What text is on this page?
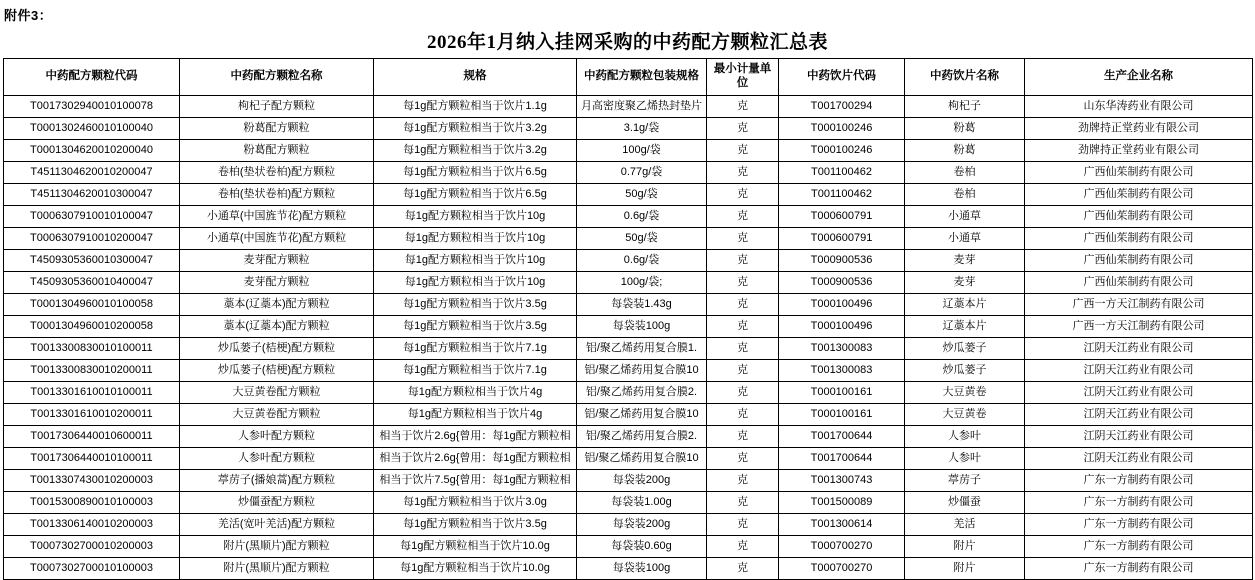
附件3：
2026年1月纳入挂网采购的中药配方颗粒汇总表
中药配方颗粒代码	中药配方颗粒名称	规格	中药配方颗粒包装规格	最小计量单位	中药饮片代码	中药饮片名称	生产企业名称
T0017302940010100078	枸杞子配方颗粒	每1g配方颗粒相当于饮片1.1g	月高密度聚乙烯热封垫片	克	T001700294	枸杞子	山东华涛药业有限公司
T0001302460010100040	粉葛配方颗粒	每1g配方颗粒相当于饮片3.2g	3.1g/袋	克	T000100246	粉葛	劲牌持正堂药业有限公司
T0001304620010200040	粉葛配方颗粒	每1g配方颗粒相当于饮片3.2g	100g/袋	克	T000100246	粉葛	劲牌持正堂药业有限公司
T4511304620010200047	卷柏(垫状卷柏)配方颗粒	每1g配方颗粒相当于饮片6.5g	0.77g/袋	克	T001100462	卷柏	广西仙茱制药有限公司
T4511304620010300047	卷柏(垫状卷柏)配方颗粒	每1g配方颗粒相当于饮片6.5g	50g/袋	克	T001100462	卷柏	广西仙茱制药有限公司
T0006307910010100047	小通草(中国旌节花)配方颗粒	每1g配方颗粒相当于饮片10g	0.6g/袋	克	T000600791	小通草	广西仙茱制药有限公司
T0006307910010200047	小通草(中国旌节花)配方颗粒	每1g配方颗粒相当于饮片10g	50g/袋	克	T000600791	小通草	广西仙茱制药有限公司
T4509305360010300047	麦芽配方颗粒	每1g配方颗粒相当于饮片10g	0.6g/袋	克	T000900536	麦芽	广西仙茱制药有限公司
T4509305360010400047	麦芽配方颗粒	每1g配方颗粒相当于饮片10g	100g/袋;	克	T000900536	麦芽	广西仙茱制药有限公司
T0001304960010100058	藁本(辽藁本)配方颗粒	每1g配方颗粒相当于饮片3.5g	每袋装1.43g	克	T000100496	辽藁本片	广西一方天江制药有限公司
T0001304960010200058	藁本(辽藁本)配方颗粒	每1g配方颗粒相当于饮片3.5g	每袋装100g	克	T000100496	辽藁本片	广西一方天江制药有限公司
T0013300830010100011	炒瓜蒌子(桔梗)配方颗粒	每1g配方颗粒相当于饮片7.1g	铝/聚乙烯药用复合膜1.	克	T001300083	炒瓜蒌子	江阴天江药业有限公司
T0013300830010200011	炒瓜蒌子(桔梗)配方颗粒	每1g配方颗粒相当于饮片7.1g	铝/聚乙烯药用复合膜10	克	T001300083	炒瓜蒌子	江阴天江药业有限公司
T0013301610010100011	大豆黄卷配方颗粒	每1g配方颗粒相当于饮片4g	铝/聚乙烯药用复合膜2.	克	T000100161	大豆黄卷	江阴天江药业有限公司
T0013301610010200011	大豆黄卷配方颗粒	每1g配方颗粒相当于饮片4g	铝/聚乙烯药用复合膜10	克	T000100161	大豆黄卷	江阴天江药业有限公司
T0017306440010600011	人参叶配方颗粒	相当于饮片2.6g{曾用：每1g配方颗粒相	铝/聚乙烯药用复合膜2.	克	T001700644	人参叶	江阴天江药业有限公司
T0017306440010100011	人参叶配方颗粒	相当于饮片2.6g{曾用：每1g配方颗粒相	铝/聚乙烯药用复合膜10	克	T001700644	人参叶	江阴天江药业有限公司
T0013307430010200003	葶苈子(播娘蒿)配方颗粒	相当于饮片7.5g{曾用：每1g配方颗粒相	每袋装200g	克	T001300743	葶苈子	广东一方制药有限公司
T0015300890010100003	炒僵蚕配方颗粒	每1g配方颗粒相当于饮片3.0g	每袋装1.00g	克	T001500089	炒僵蚕	广东一方制药有限公司
T0013306140010200003	羌活(宽叶羌活)配方颗粒	每1g配方颗粒相当于饮片3.5g	每袋装200g	克	T001300614	羌活	广东一方制药有限公司
T0007302700010200003	附片(黑顺片)配方颗粒	每1g配方颗粒相当于饮片10.0g	每袋装0.60g	克	T000700270	附片	广东一方制药有限公司
T0007302700010100003	附片(黑顺片)配方颗粒	每1g配方颗粒相当于饮片10.0g	每袋装100g	克	T000700270	附片	广东一方制药有限公司
